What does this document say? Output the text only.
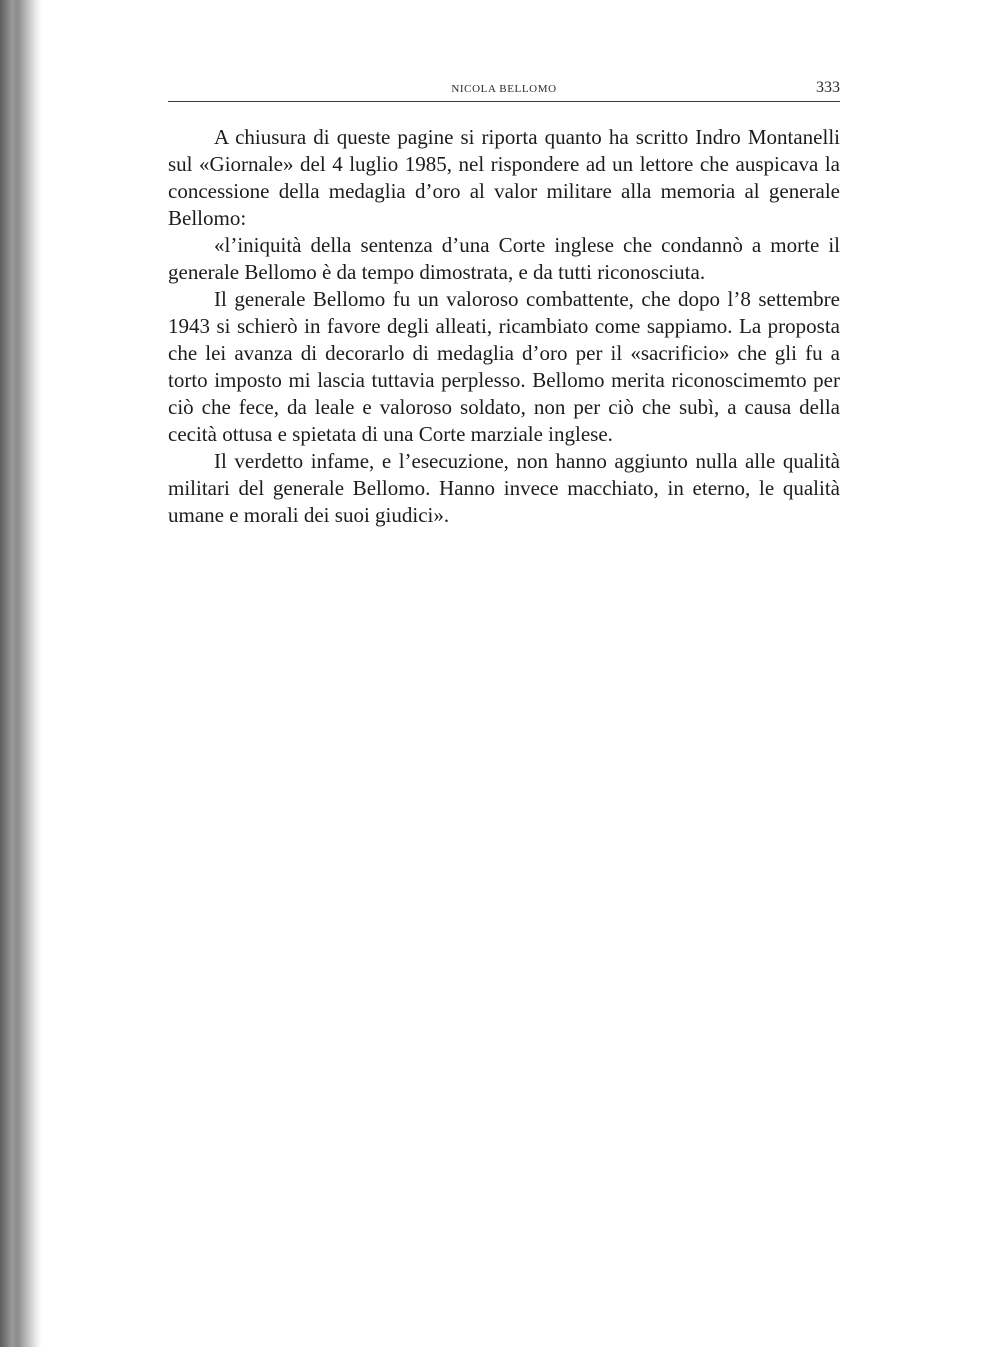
NICOLA BELLOMO	333

A chiusura di queste pagine si riporta quanto ha scritto Indro Montanelli sul «Giornale» del 4 luglio 1985, nel rispondere ad un lettore che auspicava la concessione della medaglia d’oro al valor militare alla memoria al generale Bellomo:

«l’iniquità della sentenza d’una Corte inglese che condannò a morte il generale Bellomo è da tempo dimostrata, e da tutti riconosciuta.

Il generale Bellomo fu un valoroso combattente, che dopo l’8 settembre 1943 si schierò in favore degli alleati, ricambiato come sappiamo. La proposta che lei avanza di decorarlo di medaglia d’oro per il «sacrificio» che gli fu a torto imposto mi lascia tuttavia perplesso. Bellomo merita riconoscimemto per ciò che fece, da leale e valoroso soldato, non per ciò che subì, a causa della cecità ottusa e spietata di una Corte marziale inglese.

Il verdetto infame, e l’esecuzione, non hanno aggiunto nulla alle qualità militari del generale Bellomo. Hanno invece macchiato, in eterno, le qualità umane e morali dei suoi giudici».
